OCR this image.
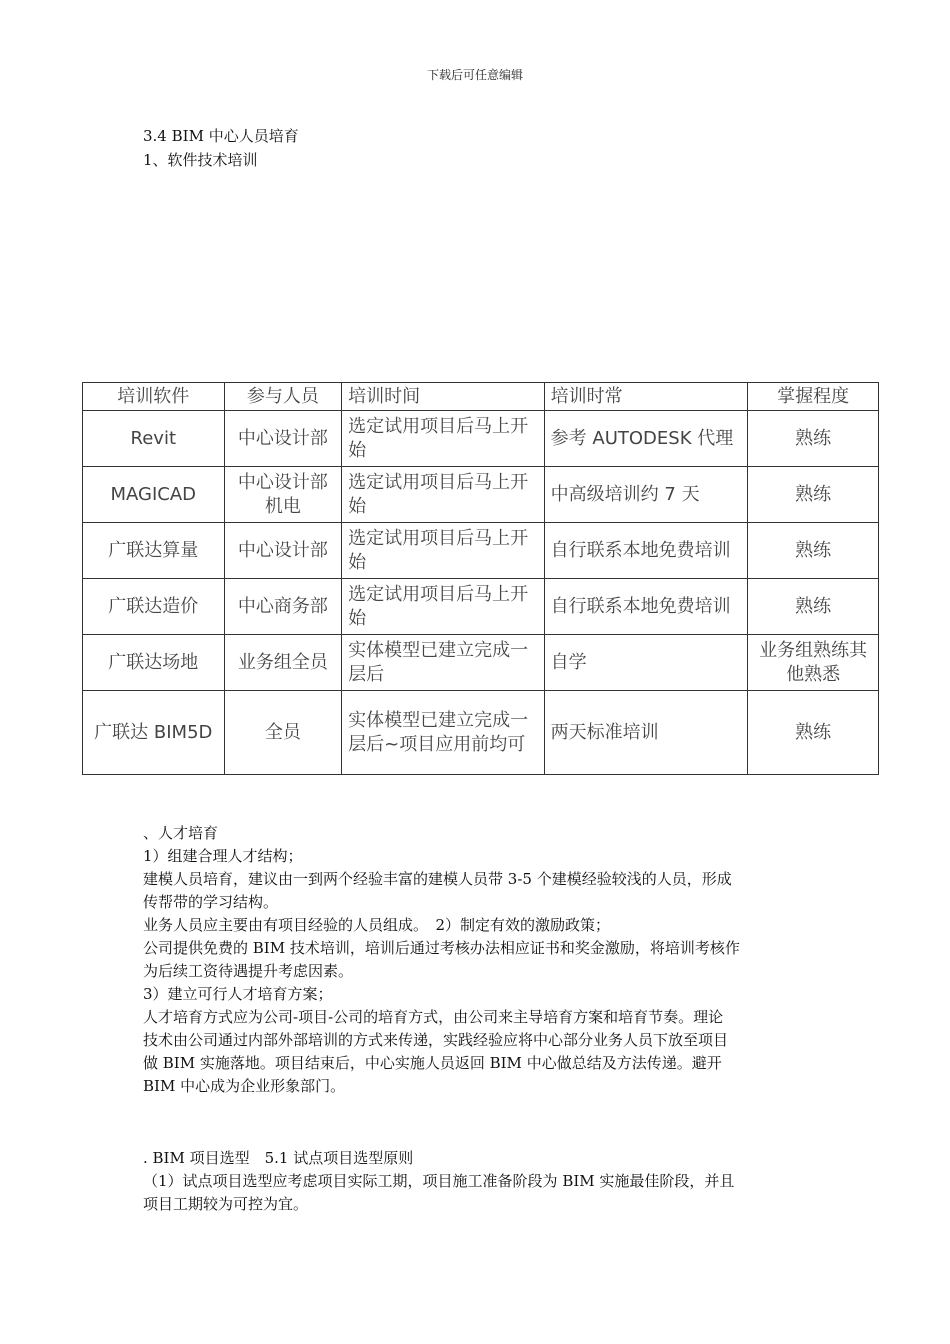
下载后可任意编辑
3.4 BIM 中心人员培育
1、软件技术培训
培训软件	参与人员	培训时间	培训时常	掌握程度
Revit	中心设计部	选定试用项目后马上开始	参考 AUTODESK 代理	熟练
MAGICAD	中心设计部机电	选定试用项目后马上开始	中高级培训约 7 天	熟练
广联达算量	中心设计部	选定试用项目后马上开始	自行联系本地免费培训	熟练
广联达造价	中心商务部	选定试用项目后马上开始	自行联系本地免费培训	熟练
广联达场地	业务组全员	实体模型已建立完成一层后	自学	业务组熟练其他熟悉
广联达 BIM5D	全员	实体模型已建立完成一层后~项目应用前均可	两天标准培训	熟练
、人才培育
1）组建合理人才结构；
建模人员培育，建议由一到两个经验丰富的建模人员带 3-5 个建模经验较浅的人员，形成
传帮带的学习结构。
业务人员应主要由有项目经验的人员组成。　2）制定有效的激励政策；
公司提供免费的 BIM 技术培训，培训后通过考核办法相应证书和奖金激励，将培训考核作
为后续工资待遇提升考虑因素。
3）建立可行人才培育方案；
人才培育方式应为公司-项目-公司的培育方式，由公司来主导培育方案和培育节奏。理论
技术由公司通过内部外部培训的方式来传递，实践经验应将中心部分业务人员下放至项目
做 BIM 实施落地。项目结束后，中心实施人员返回 BIM 中心做总结及方法传递。避开
BIM 中心成为企业形象部门。
. BIM 项目选型　5.1 试点项目选型原则
（1）试点项目选型应考虑项目实际工期，项目施工准备阶段为 BIM 实施最佳阶段，并且
项目工期较为可控为宜。
